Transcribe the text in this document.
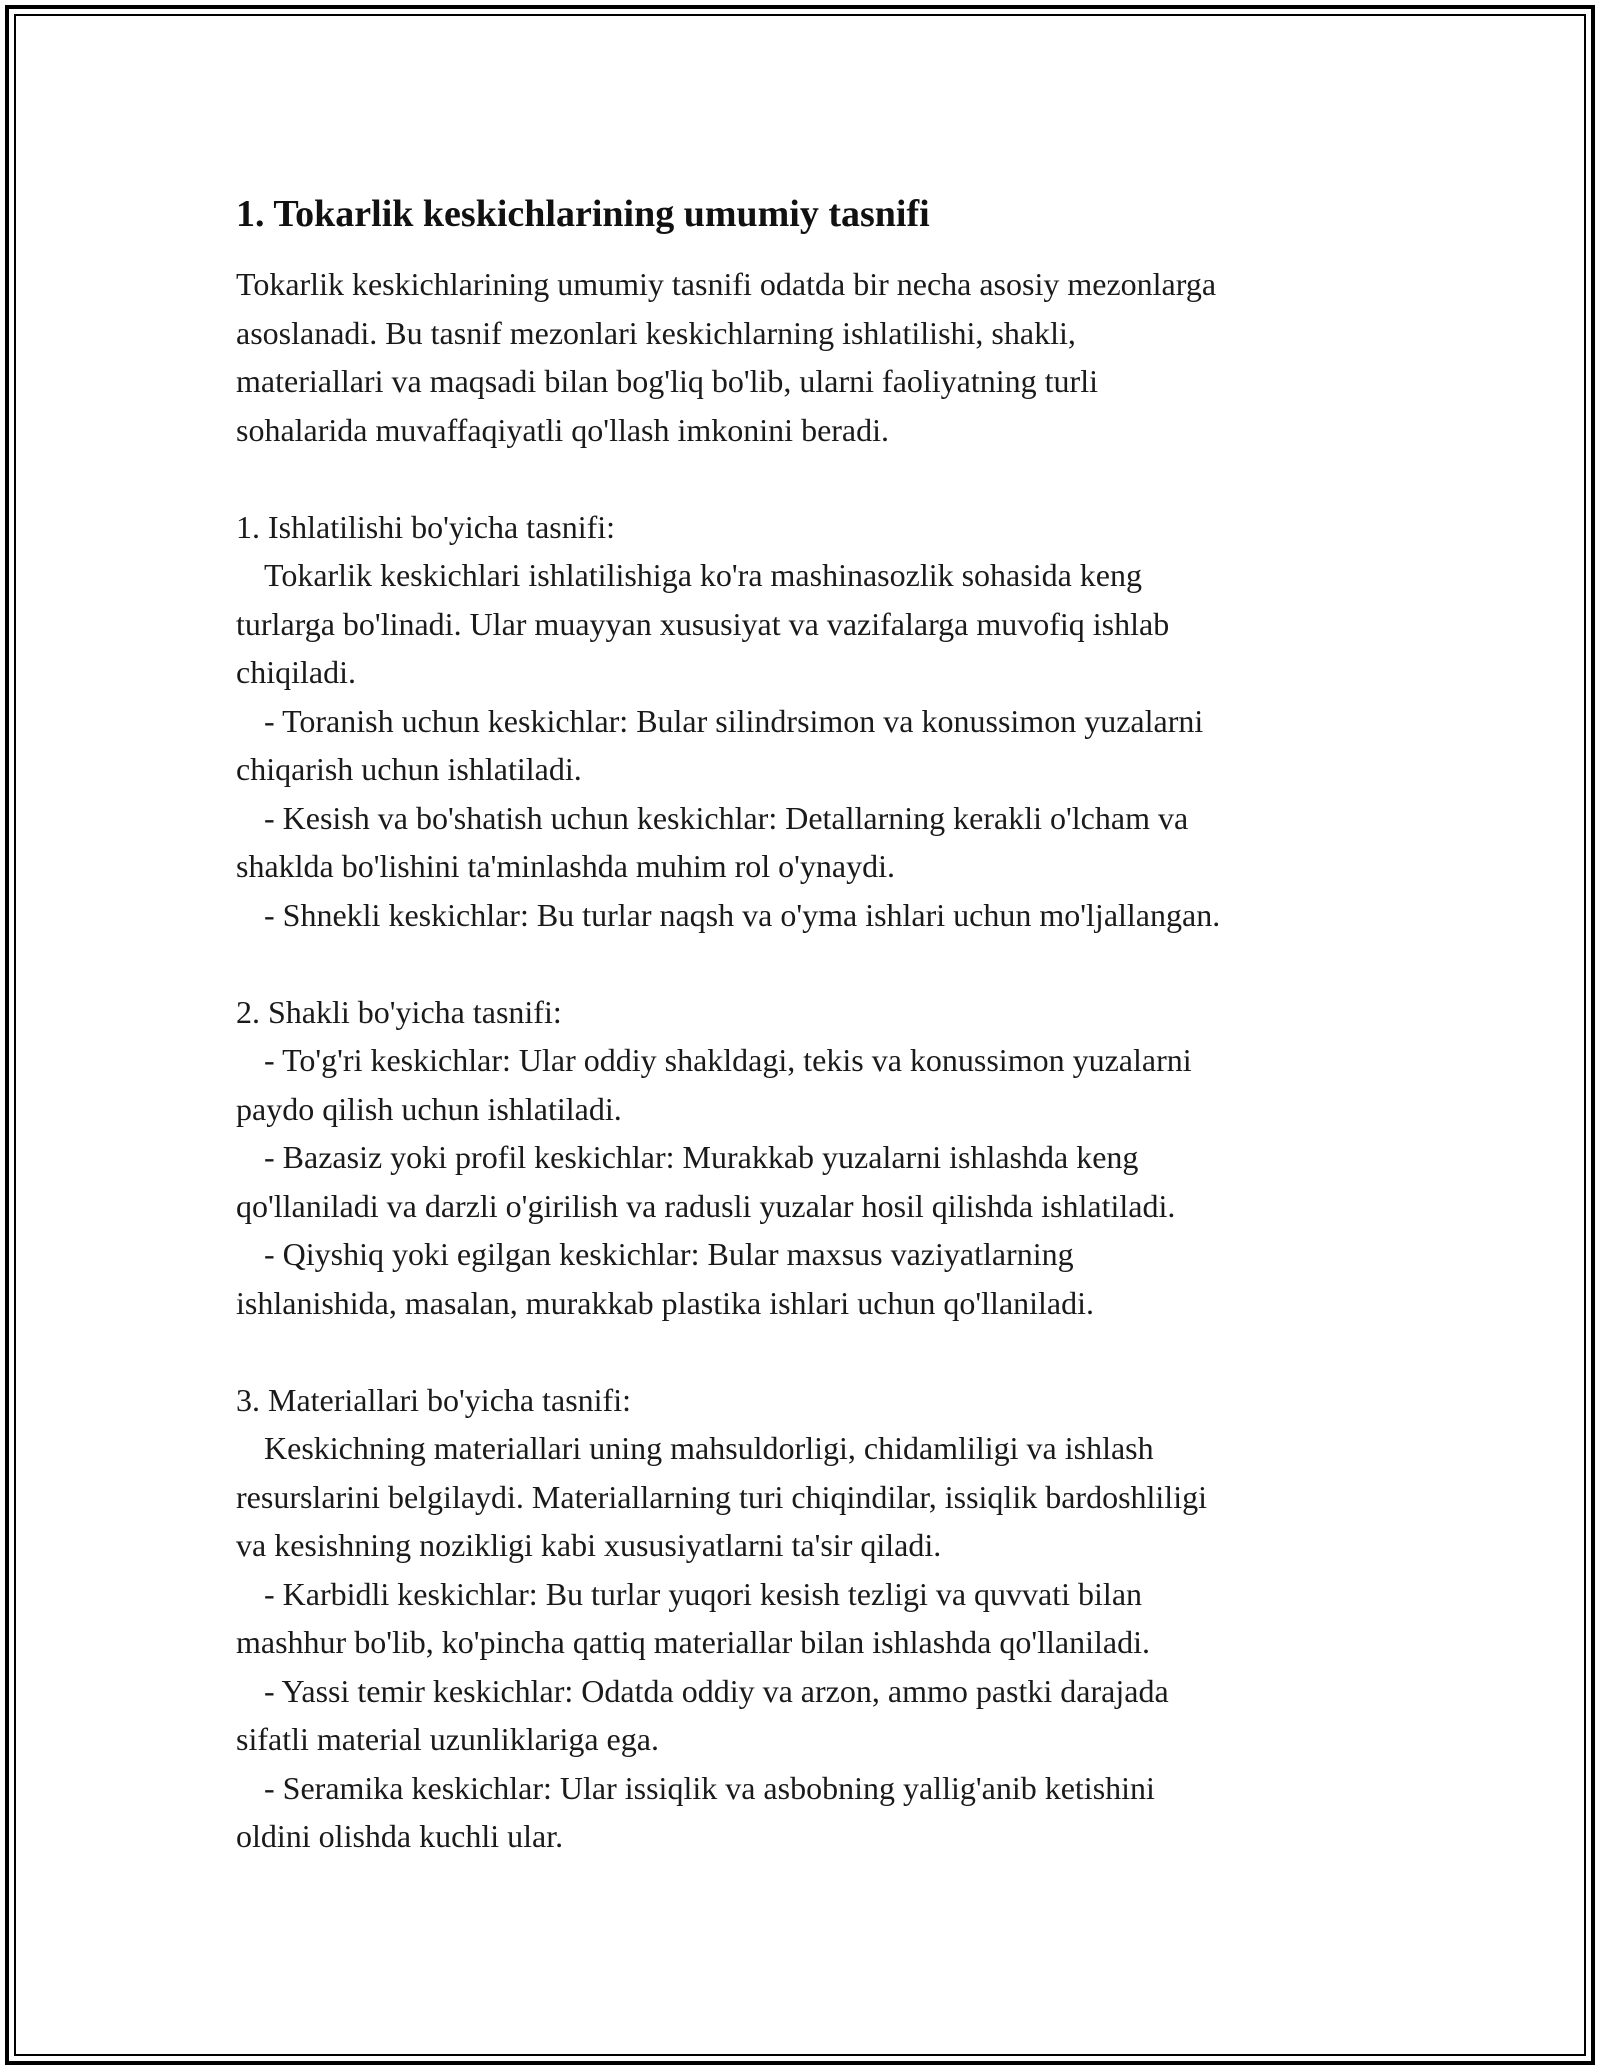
1. Tokarlik keskichlarining umumiy tasnifi

Tokarlik keskichlarining umumiy tasnifi odatda bir necha asosiy mezonlarga

asoslanadi. Bu tasnif mezonlari keskichlarning ishlatilishi, shakli,

materiallari va maqsadi bilan bog'liq bo'lib, ularni faoliyatning turli

sohalarida muvaffaqiyatli qo'llash imkonini beradi.

1. Ishlatilishi bo'yicha tasnifi:

Tokarlik keskichlari ishlatilishiga ko'ra mashinasozlik sohasida keng

turlarga bo'linadi. Ular muayyan xususiyat va vazifalarga muvofiq ishlab

chiqiladi.

- Toranish uchun keskichlar: Bular silindrsimon va konussimon yuzalarni

chiqarish uchun ishlatiladi.

- Kesish va bo'shatish uchun keskichlar: Detallarning kerakli o'lcham va

shaklda bo'lishini ta'minlashda muhim rol o'ynaydi.

- Shnekli keskichlar: Bu turlar naqsh va o'yma ishlari uchun mo'ljallangan.

2. Shakli bo'yicha tasnifi:

- To'g'ri keskichlar: Ular oddiy shakldagi, tekis va konussimon yuzalarni

paydo qilish uchun ishlatiladi.

- Bazasiz yoki profil keskichlar: Murakkab yuzalarni ishlashda keng

qo'llaniladi va darzli o'girilish va radusli yuzalar hosil qilishda ishlatiladi.

- Qiyshiq yoki egilgan keskichlar: Bular maxsus vaziyatlarning

ishlanishida, masalan, murakkab plastika ishlari uchun qo'llaniladi.

3. Materiallari bo'yicha tasnifi:

Keskichning materiallari uning mahsuldorligi, chidamliligi va ishlash

resurslarini belgilaydi. Materiallarning turi chiqindilar, issiqlik bardoshliligi

va kesishning nozikligi kabi xususiyatlarni ta'sir qiladi.

- Karbidli keskichlar: Bu turlar yuqori kesish tezligi va quvvati bilan

mashhur bo'lib, ko'pincha qattiq materiallar bilan ishlashda qo'llaniladi.

- Yassi temir keskichlar: Odatda oddiy va arzon, ammo pastki darajada

sifatli material uzunliklariga ega.

- Seramika keskichlar: Ular issiqlik va asbobning yallig'anib ketishini

oldini olishda kuchli ular.
